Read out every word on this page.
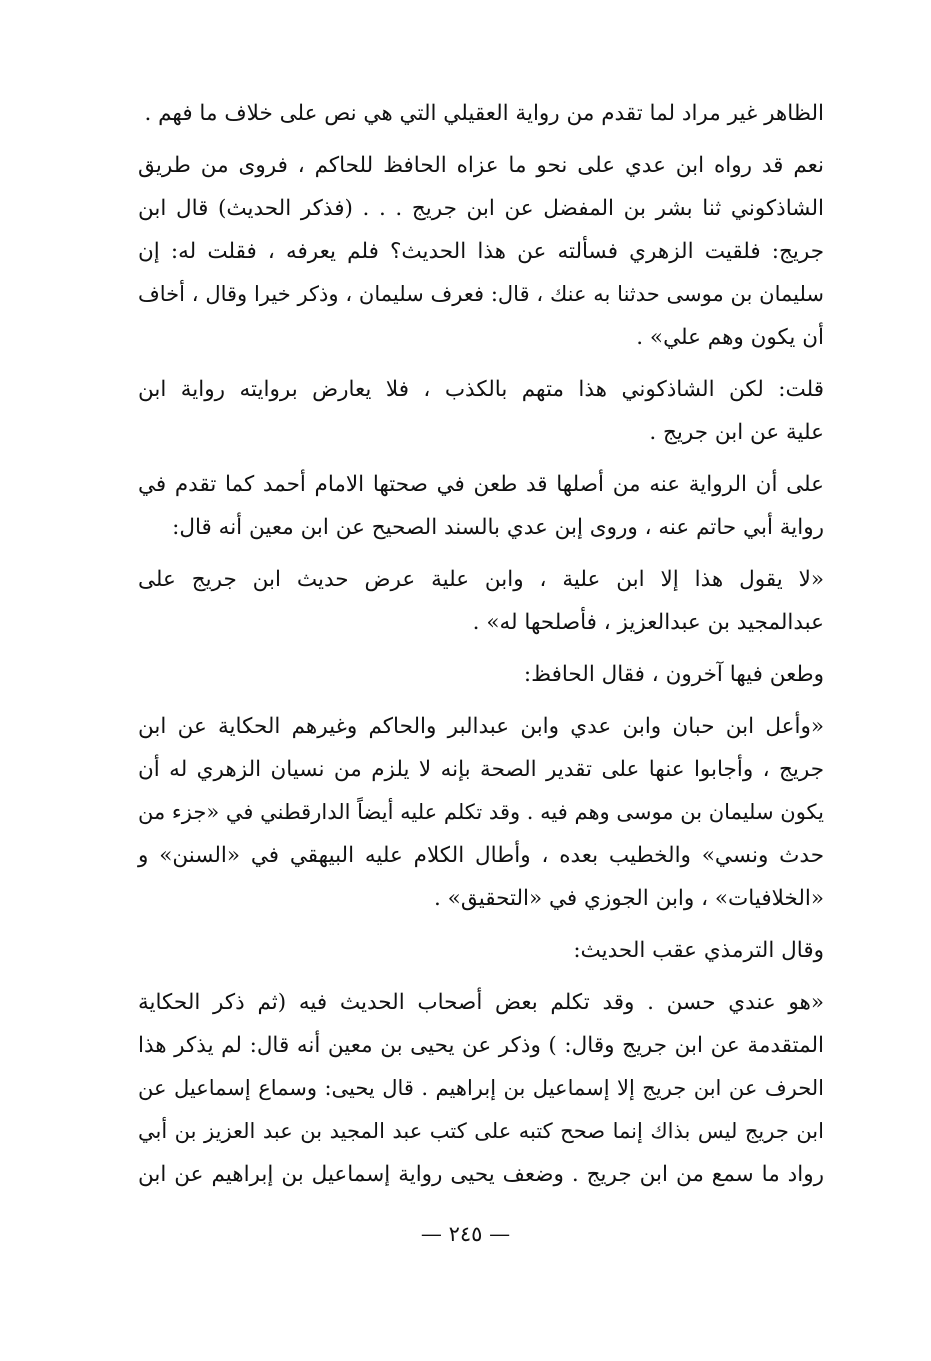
الظاهر غير مراد لما تقدم من رواية العقيلي التي هي نص على خلاف ما فهم .
نعم قد رواه ابن عدي على نحو ما عزاه الحافظ للحاكم ، فروى من طريق
الشاذكوني ثنا بشر بن المفضل عن ابن جريج . . . (فذكر الحديث) قال ابن
جريج: فلقيت الزهري فسألته عن هذا الحديث؟ فلم يعرفه ، فقلت له: إن
سليمان بن موسى حدثنا به عنك ، قال: فعرف سليمان ، وذكر خيرا وقال ، أخاف
أن يكون وهم علي» .
قلت: لكن الشاذكوني هذا متهم بالكذب ، فلا يعارض بروايته رواية ابن
علية عن ابن جريج .
على أن الرواية عنه من أصلها قد طعن في صحتها الامام أحمد كما تقدم في
رواية أبي حاتم عنه ، وروى إبن عدي بالسند الصحيح عن ابن معين أنه قال:
«لا يقول هذا إلا ابن علية ، وابن علية عرض حديث ابن جريج على
عبدالمجيد بن عبدالعزيز ، فأصلحها له» .
وطعن فيها آخرون ، فقال الحافظ:
«وأعل ابن حبان وابن عدي وابن عبدالبر والحاكم وغيرهم الحكاية عن ابن
جريج ، وأجابوا عنها على تقدير الصحة بإنه لا يلزم من نسيان الزهري له أن
يكون سليمان بن موسى وهم فيه . وقد تكلم عليه أيضاً الدارقطني في «جزء من
حدث ونسي» والخطيب بعده ، وأطال الكلام عليه البيهقي في «السنن» و
«الخلافيات» ، وابن الجوزي في «التحقيق» .
وقال الترمذي عقب الحديث:
«هو عندي حسن . وقد تكلم بعض أصحاب الحديث فيه (ثم ذكر الحكاية
المتقدمة عن ابن جريج وقال: ) وذكر عن يحيى بن معين أنه قال: لم يذكر هذا
الحرف عن ابن جريج إلا إسماعيل بن إبراهيم . قال يحيى: وسماع إسماعيل عن
ابن جريج ليس بذاك إنما صحح كتبه على كتب عبد المجيد بن عبد العزيز بن أبي
رواد ما سمع من ابن جريج . وضعف يحيى رواية إسماعيل بن إبراهيم عن ابن
— ٢٤٥ —
